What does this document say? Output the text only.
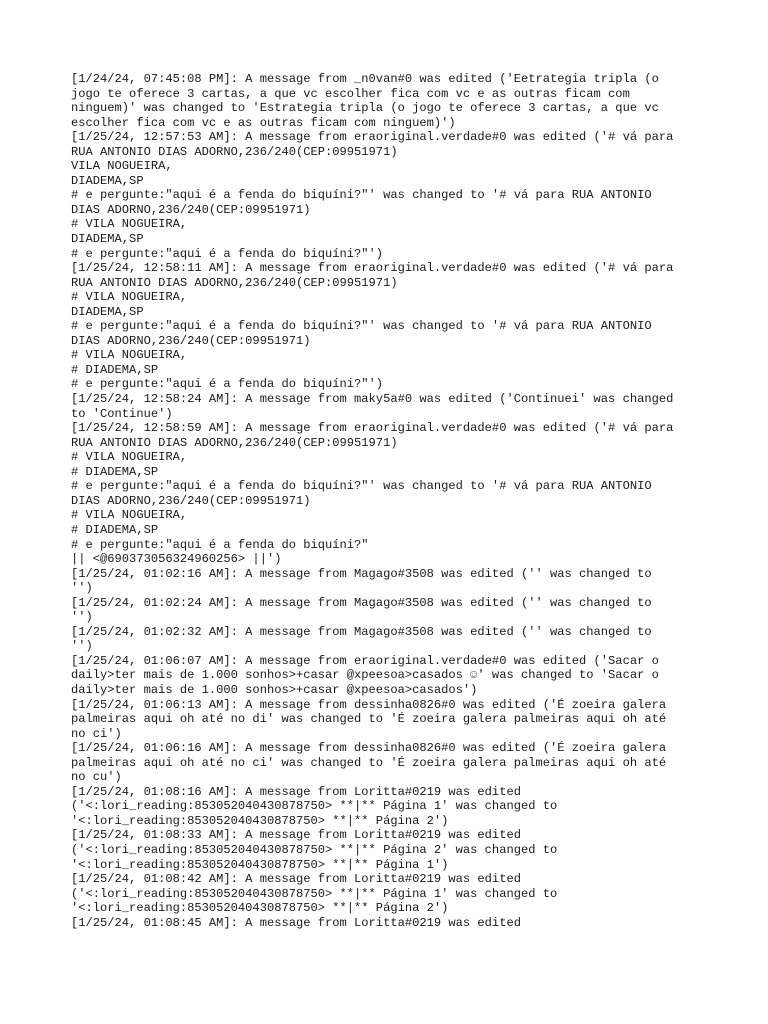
[1/24/24, 07:45:08 PM]: A message from _n0van#0 was edited ('Eetrategia tripla (o
jogo te oferece 3 cartas, a que vc escolher fica com vc e as outras ficam com
ninguem)' was changed to 'Estrategia tripla (o jogo te oferece 3 cartas, a que vc
escolher fica com vc e as outras ficam com ninguem)')
[1/25/24, 12:57:53 AM]: A message from eraoriginal.verdade#0 was edited ('# vá para
RUA ANTONIO DIAS ADORNO,236/240(CEP:09951971)
VILA NOGUEIRA,
DIADEMA,SP
# e pergunte:"aqui é a fenda do biquíni?"' was changed to '# vá para RUA ANTONIO
DIAS ADORNO,236/240(CEP:09951971)
# VILA NOGUEIRA,
DIADEMA,SP
# e pergunte:"aqui é a fenda do biquíni?"')
[1/25/24, 12:58:11 AM]: A message from eraoriginal.verdade#0 was edited ('# vá para
RUA ANTONIO DIAS ADORNO,236/240(CEP:09951971)
# VILA NOGUEIRA,
DIADEMA,SP
# e pergunte:"aqui é a fenda do biquíni?"' was changed to '# vá para RUA ANTONIO
DIAS ADORNO,236/240(CEP:09951971)
# VILA NOGUEIRA,
# DIADEMA,SP
# e pergunte:"aqui é a fenda do biquíni?"')
[1/25/24, 12:58:24 AM]: A message from maky5a#0 was edited ('Continuei' was changed
to 'Continue')
[1/25/24, 12:58:59 AM]: A message from eraoriginal.verdade#0 was edited ('# vá para
RUA ANTONIO DIAS ADORNO,236/240(CEP:09951971)
# VILA NOGUEIRA,
# DIADEMA,SP
# e pergunte:"aqui é a fenda do biquíni?"' was changed to '# vá para RUA ANTONIO
DIAS ADORNO,236/240(CEP:09951971)
# VILA NOGUEIRA,
# DIADEMA,SP
# e pergunte:"aqui é a fenda do biquíni?"
|| <@690373056324960256> ||')
[1/25/24, 01:02:16 AM]: A message from Magago#3508 was edited ('' was changed to
'')
[1/25/24, 01:02:24 AM]: A message from Magago#3508 was edited ('' was changed to
'')
[1/25/24, 01:02:32 AM]: A message from Magago#3508 was edited ('' was changed to
'')
[1/25/24, 01:06:07 AM]: A message from eraoriginal.verdade#0 was edited ('Sacar o
daily>ter mais de 1.000 sonhos>+casar @xpeesoa>casados ☺' was changed to 'Sacar o
daily>ter mais de 1.000 sonhos>+casar @xpeesoa>casados')
[1/25/24, 01:06:13 AM]: A message from dessinha0826#0 was edited ('É zoeira galera
palmeiras aqui oh até no di' was changed to 'É zoeira galera palmeiras aqui oh até
no ci')
[1/25/24, 01:06:16 AM]: A message from dessinha0826#0 was edited ('É zoeira galera
palmeiras aqui oh até no ci' was changed to 'É zoeira galera palmeiras aqui oh até
no cu')
[1/25/24, 01:08:16 AM]: A message from Loritta#0219 was edited
('<:lori_reading:853052040430878750> **|** Página 1' was changed to
'<:lori_reading:853052040430878750> **|** Página 2')
[1/25/24, 01:08:33 AM]: A message from Loritta#0219 was edited
('<:lori_reading:853052040430878750> **|** Página 2' was changed to
'<:lori_reading:853052040430878750> **|** Página 1')
[1/25/24, 01:08:42 AM]: A message from Loritta#0219 was edited
('<:lori_reading:853052040430878750> **|** Página 1' was changed to
'<:lori_reading:853052040430878750> **|** Página 2')
[1/25/24, 01:08:45 AM]: A message from Loritta#0219 was edited
